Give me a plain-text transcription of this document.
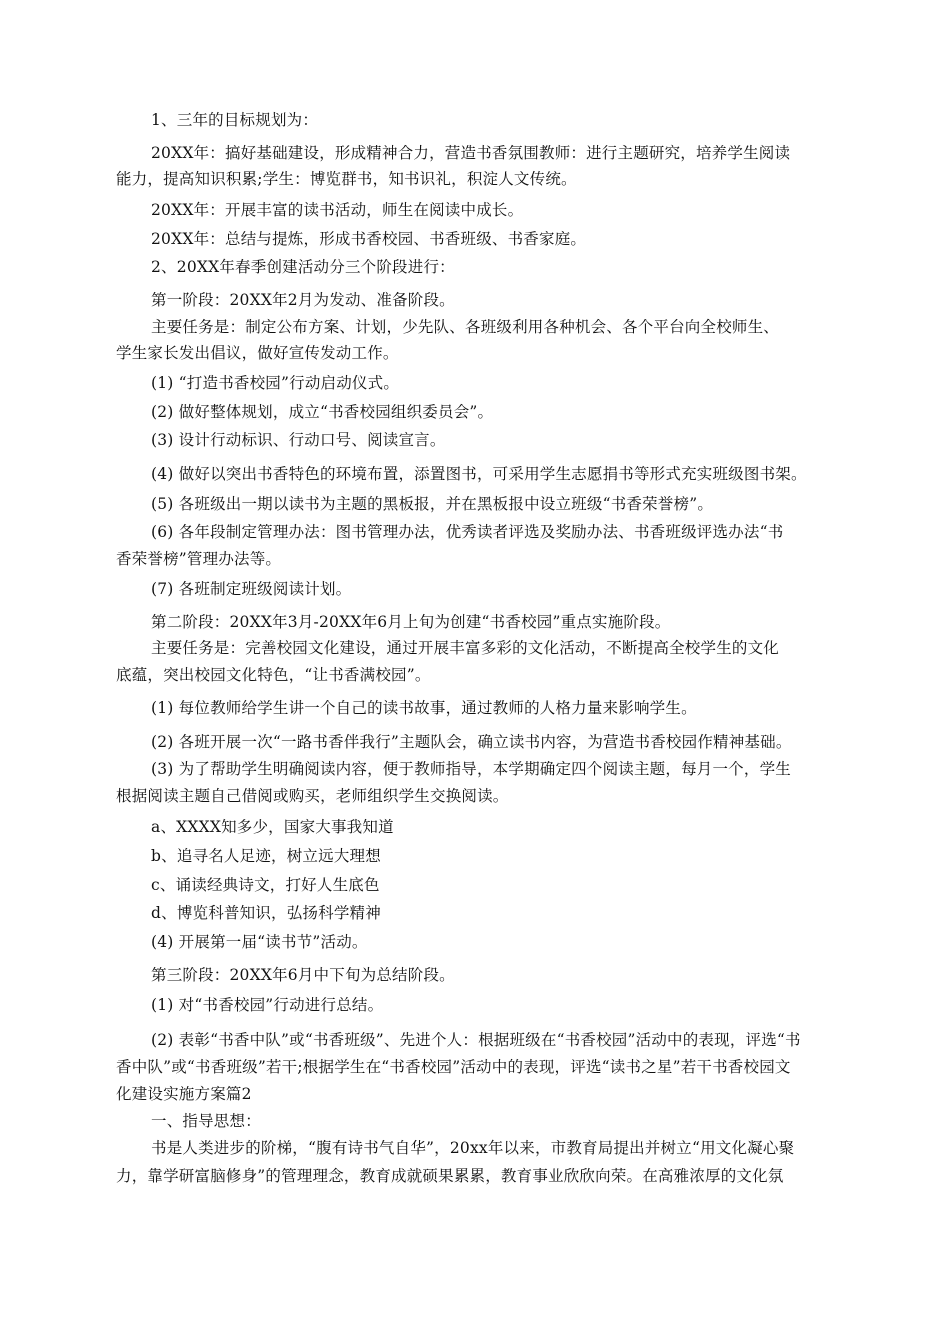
1、三年的目标规划为：
20XX年：搞好基础建设，形成精神合力，营造书香氛围教师：进行主题研究，培养学生阅读
能力，提高知识积累;学生：博览群书，知书识礼，积淀人文传统。
20XX年：开展丰富的读书活动，师生在阅读中成长。
20XX年：总结与提炼，形成书香校园、书香班级、书香家庭。
2、20XX年春季创建活动分三个阶段进行：
第一阶段：20XX年2月为发动、准备阶段。
主要任务是：制定公布方案、计划，少先队、各班级利用各种机会、各个平台向全校师生、
学生家长发出倡议，做好宣传发动工作。
(1) “打造书香校园”行动启动仪式。
(2) 做好整体规划，成立“书香校园组织委员会”。
(3) 设计行动标识、行动口号、阅读宣言。
(4) 做好以突出书香特色的环境布置，添置图书，可采用学生志愿捐书等形式充实班级图书架。
(5) 各班级出一期以读书为主题的黑板报，并在黑板报中设立班级“书香荣誉榜”。
(6) 各年段制定管理办法：图书管理办法，优秀读者评选及奖励办法、书香班级评选办法“书
香荣誉榜”管理办法等。
(7) 各班制定班级阅读计划。
第二阶段：20XX年3月-20XX年6月上旬为创建“书香校园”重点实施阶段。
主要任务是：完善校园文化建设，通过开展丰富多彩的文化活动，不断提高全校学生的文化
底蕴，突出校园文化特色，“让书香满校园”。
(1) 每位教师给学生讲一个自己的读书故事，通过教师的人格力量来影响学生。
(2) 各班开展一次“一路书香伴我行”主题队会，确立读书内容，为营造书香校园作精神基础。
(3) 为了帮助学生明确阅读内容，便于教师指导，本学期确定四个阅读主题，每月一个，学生
根据阅读主题自己借阅或购买，老师组织学生交换阅读。
a、XXXX知多少，国家大事我知道
b、追寻名人足迹，树立远大理想
c、诵读经典诗文，打好人生底色
d、博览科普知识，弘扬科学精神
(4) 开展第一届“读书节”活动。
第三阶段：20XX年6月中下旬为总结阶段。
(1) 对“书香校园”行动进行总结。
(2) 表彰“书香中队”或“书香班级”、先进个人：根据班级在“书香校园”活动中的表现，评选“书
香中队”或“书香班级”若干;根据学生在“书香校园”活动中的表现，评选“读书之星”若干书香校园文
化建设实施方案篇2
一、指导思想：
书是人类进步的阶梯，“腹有诗书气自华”，20xx年以来，市教育局提出并树立“用文化凝心聚
力，靠学研富脑修身”的管理理念，教育成就硕果累累，教育事业欣欣向荣。在高雅浓厚的文化氛
